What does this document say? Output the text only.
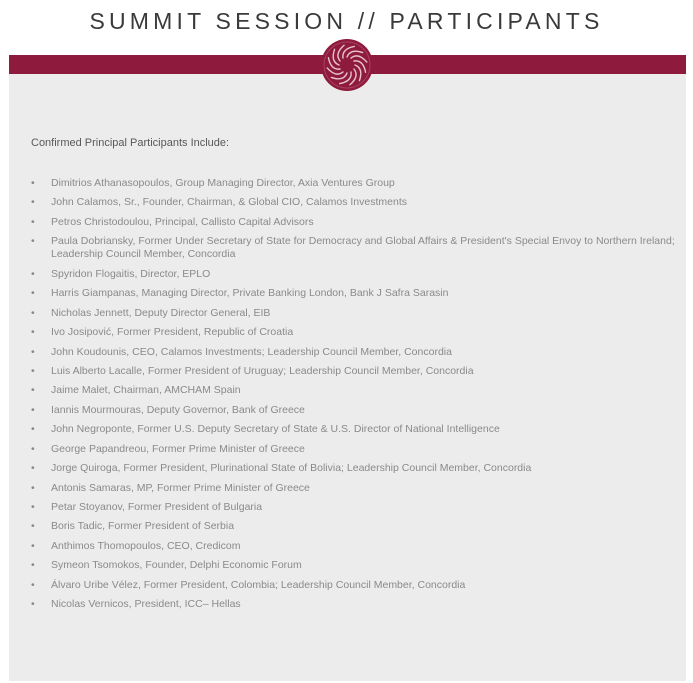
SUMMIT SESSION // PARTICIPANTS
Confirmed Principal Participants Include:
• Dimitrios Athanasopoulos, Group Managing Director, Axia Ventures Group
• John Calamos, Sr., Founder, Chairman, & Global CIO, Calamos Investments
• Petros Christodoulou, Principal, Callisto Capital Advisors
• Paula Dobriansky, Former Under Secretary of State for Democracy and Global Affairs & President's Special Envoy to Northern Ireland; Leadership Council Member, Concordia
• Spyridon Flogaitis, Director, EPLO
• Harris Giampanas, Managing Director, Private Banking London, Bank J Safra Sarasin
• Nicholas Jennett, Deputy Director General, EIB
• Ivo Josipović, Former President, Republic of Croatia
• John Koudounis, CEO, Calamos Investments; Leadership Council Member, Concordia
• Luis Alberto Lacalle, Former President of Uruguay; Leadership Council Member, Concordia
• Jaime Malet, Chairman, AMCHAM Spain
• Iannis Mourmouras, Deputy Governor, Bank of Greece
• John Negroponte, Former U.S. Deputy Secretary of State & U.S. Director of National Intelligence
• George Papandreou, Former Prime Minister of Greece
• Jorge Quiroga, Former President, Plurinational State of Bolivia; Leadership Council Member, Concordia
• Antonis Samaras, MP, Former Prime Minister of Greece
• Petar Stoyanov, Former President of Bulgaria
• Boris Tadic, Former President of Serbia
• Anthimos Thomopoulos, CEO, Credicom
• Symeon Tsomokos, Founder, Delphi Economic Forum
• Álvaro Uribe Vélez, Former President, Colombia; Leadership Council Member, Concordia
• Nicolas Vernicos, President, ICC– Hellas
